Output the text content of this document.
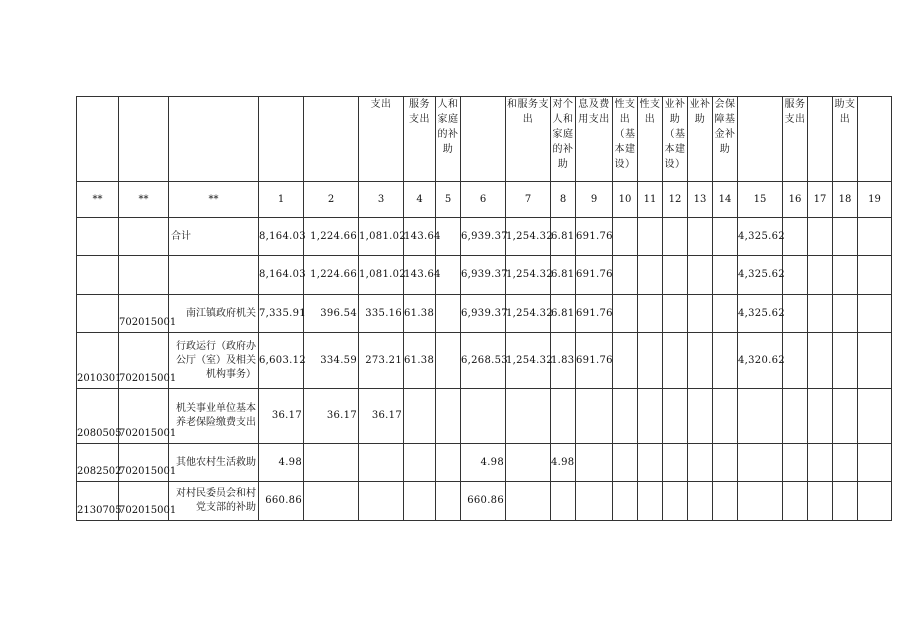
					支出	服务支出	人和家庭的补助		和服务支出	对个人和家庭的补助	息及费用支出	性支出（基本建设）	性支出	业补助（基本建设）	业补助	会保障基金补助		服务支出		助支出	
**	**	**	1	2	3	4	5	6	7	8	9	10	11	12	13	14	15	16	17	18	19
		合计	8,164.03	1,224.66	1,081.02	143.64		6,939.37	1,254.32	6.81	691.76						4,325.62				
			8,164.03	1,224.66	1,081.02	143.64		6,939.37	1,254.32	6.81	691.76						4,325.62				
	702015001	南江镇政府机关	7,335.91	396.54	335.16	61.38		6,939.37	1,254.32	6.81	691.76						4,325.62				
2010301	702015001	行政运行（政府办公厅（室）及相关机构事务）	6,603.12	334.59	273.21	61.38		6,268.53	1,254.32	1.83	691.76						4,320.62				
2080505	702015001	机关事业单位基本养老保险缴费支出	36.17	36.17	36.17																
2082502	702015001	其他农村生活救助	4.98					4.98		4.98											
2130705	702015001	对村民委员会和村党支部的补助	660.86					660.86													
